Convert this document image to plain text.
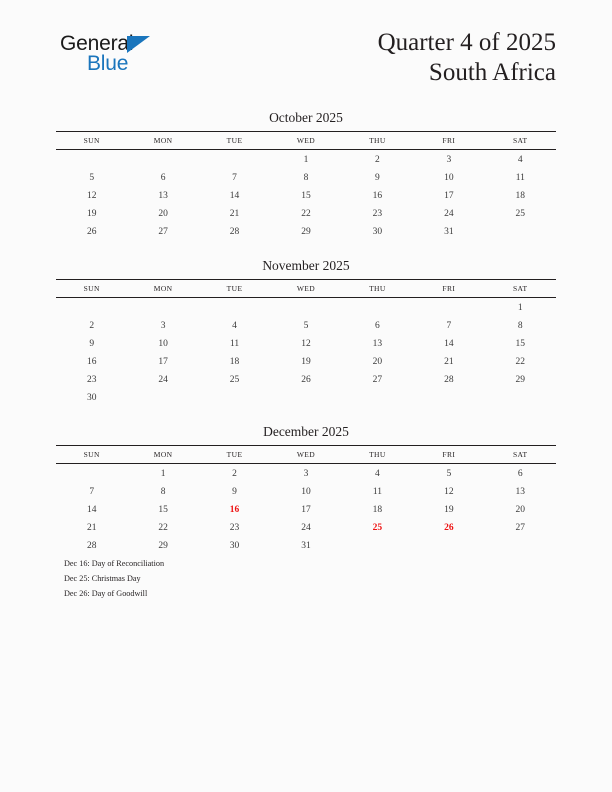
General
Blue
Quarter 4 of 2025
South Africa
October 2025
SUN	MON	TUE	WED	THU	FRI	SAT
			1	2	3	4
5	6	7	8	9	10	11
12	13	14	15	16	17	18
19	20	21	22	23	24	25
26	27	28	29	30	31	
November 2025
SUN	MON	TUE	WED	THU	FRI	SAT
						1
2	3	4	5	6	7	8
9	10	11	12	13	14	15
16	17	18	19	20	21	22
23	24	25	26	27	28	29
30						
December 2025
SUN	MON	TUE	WED	THU	FRI	SAT
	1	2	3	4	5	6
7	8	9	10	11	12	13
14	15	16	17	18	19	20
21	22	23	24	25	26	27
28	29	30	31			
Dec 16: Day of Reconciliation
Dec 25: Christmas Day
Dec 26: Day of Goodwill
